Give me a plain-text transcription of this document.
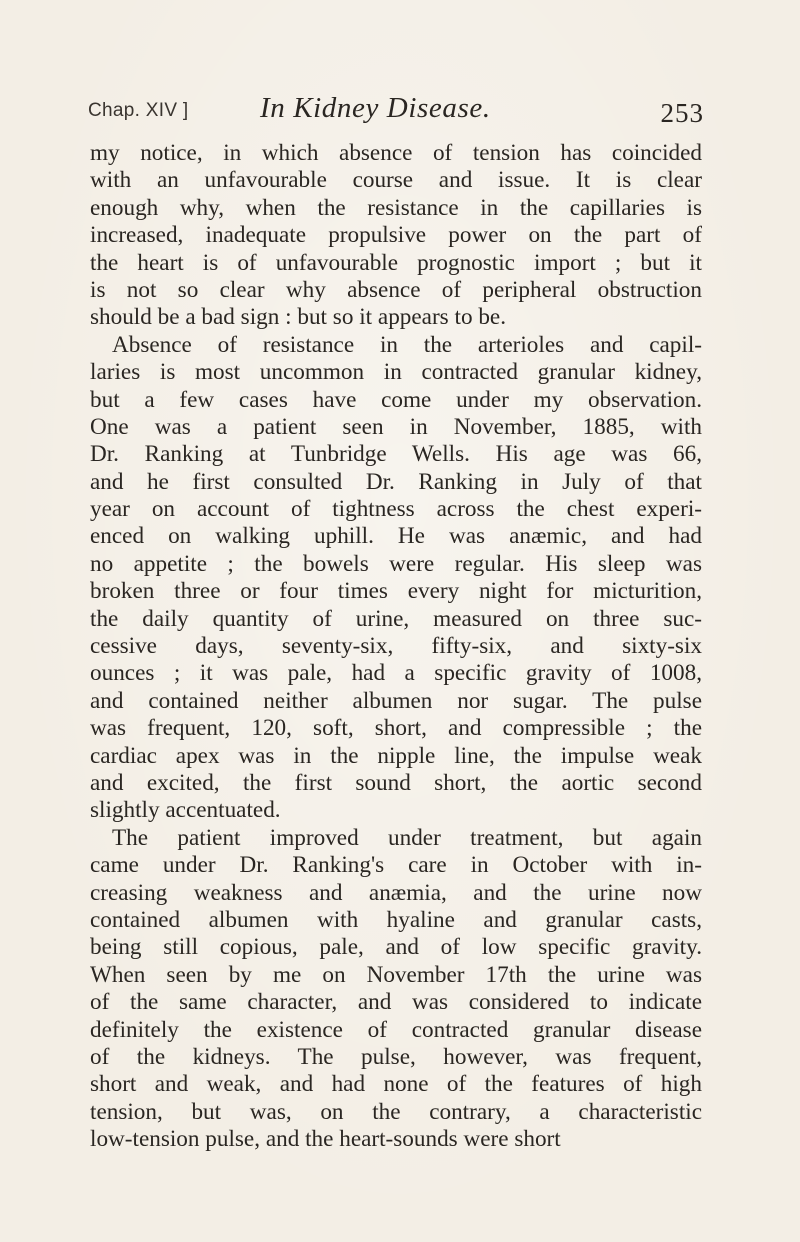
Chap. XIV ] In Kidney Disease.	253
my notice, in which absence of tension has coincided
with an unfavourable course and issue. It is clear
enough why, when the resistance in the capillaries is
increased, inadequate propulsive power on the part of
the heart is of unfavourable prognostic import ; but it
is not so clear why absence of peripheral obstruction
should be a bad sign : but so it appears to be.
Absence of resistance in the arterioles and capil-
laries is most uncommon in contracted granular kidney,
but a few cases have come under my observation.
One was a patient seen in November, 1885, with
Dr. Ranking at Tunbridge Wells. His age was 66,
and he first consulted Dr. Ranking in July of that
year on account of tightness across the chest experi-
enced on walking uphill. He was anæmic, and had
no appetite ; the bowels were regular. His sleep was
broken three or four times every night for micturition,
the daily quantity of urine, measured on three suc-
cessive days, seventy-six, fifty-six, and sixty-six
ounces ; it was pale, had a specific gravity of 1008,
and contained neither albumen nor sugar. The pulse
was frequent, 120, soft, short, and compressible ; the
cardiac apex was in the nipple line, the impulse weak
and excited, the first sound short, the aortic second
slightly accentuated.
The patient improved under treatment, but again
came under Dr. Ranking's care in October with in-
creasing weakness and anæmia, and the urine now
contained albumen with hyaline and granular casts,
being still copious, pale, and of low specific gravity.
When seen by me on November 17th the urine was
of the same character, and was considered to indicate
definitely the existence of contracted granular disease
of the kidneys. The pulse, however, was frequent,
short and weak, and had none of the features of high
tension, but was, on the contrary, a characteristic
low-tension pulse, and the heart-sounds were short
